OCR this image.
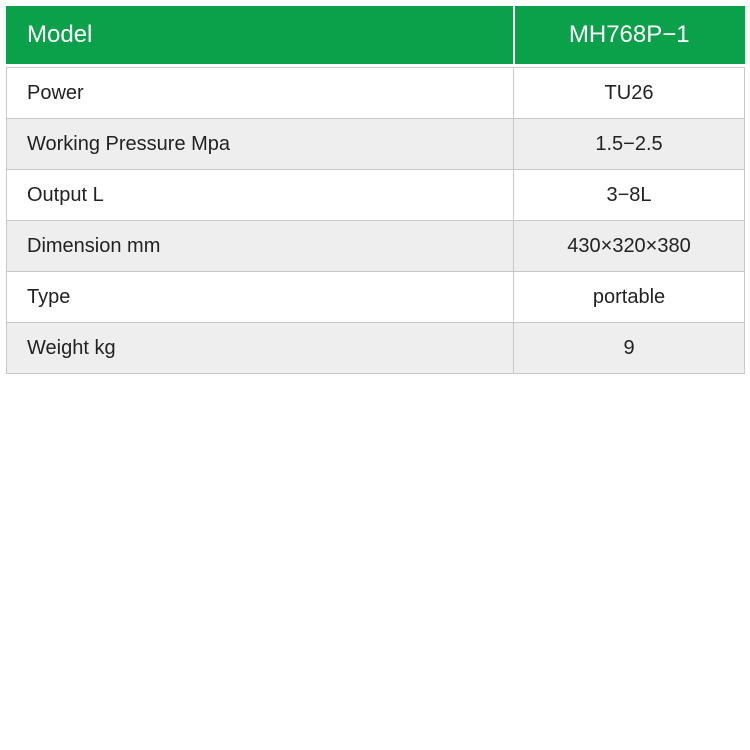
Model	MH768P−1

Power	TU26
Working Pressure Mpa	1.5−2.5
Output L	3−8L
Dimension mm	430×320×380
Type	portable
Weight kg	9
